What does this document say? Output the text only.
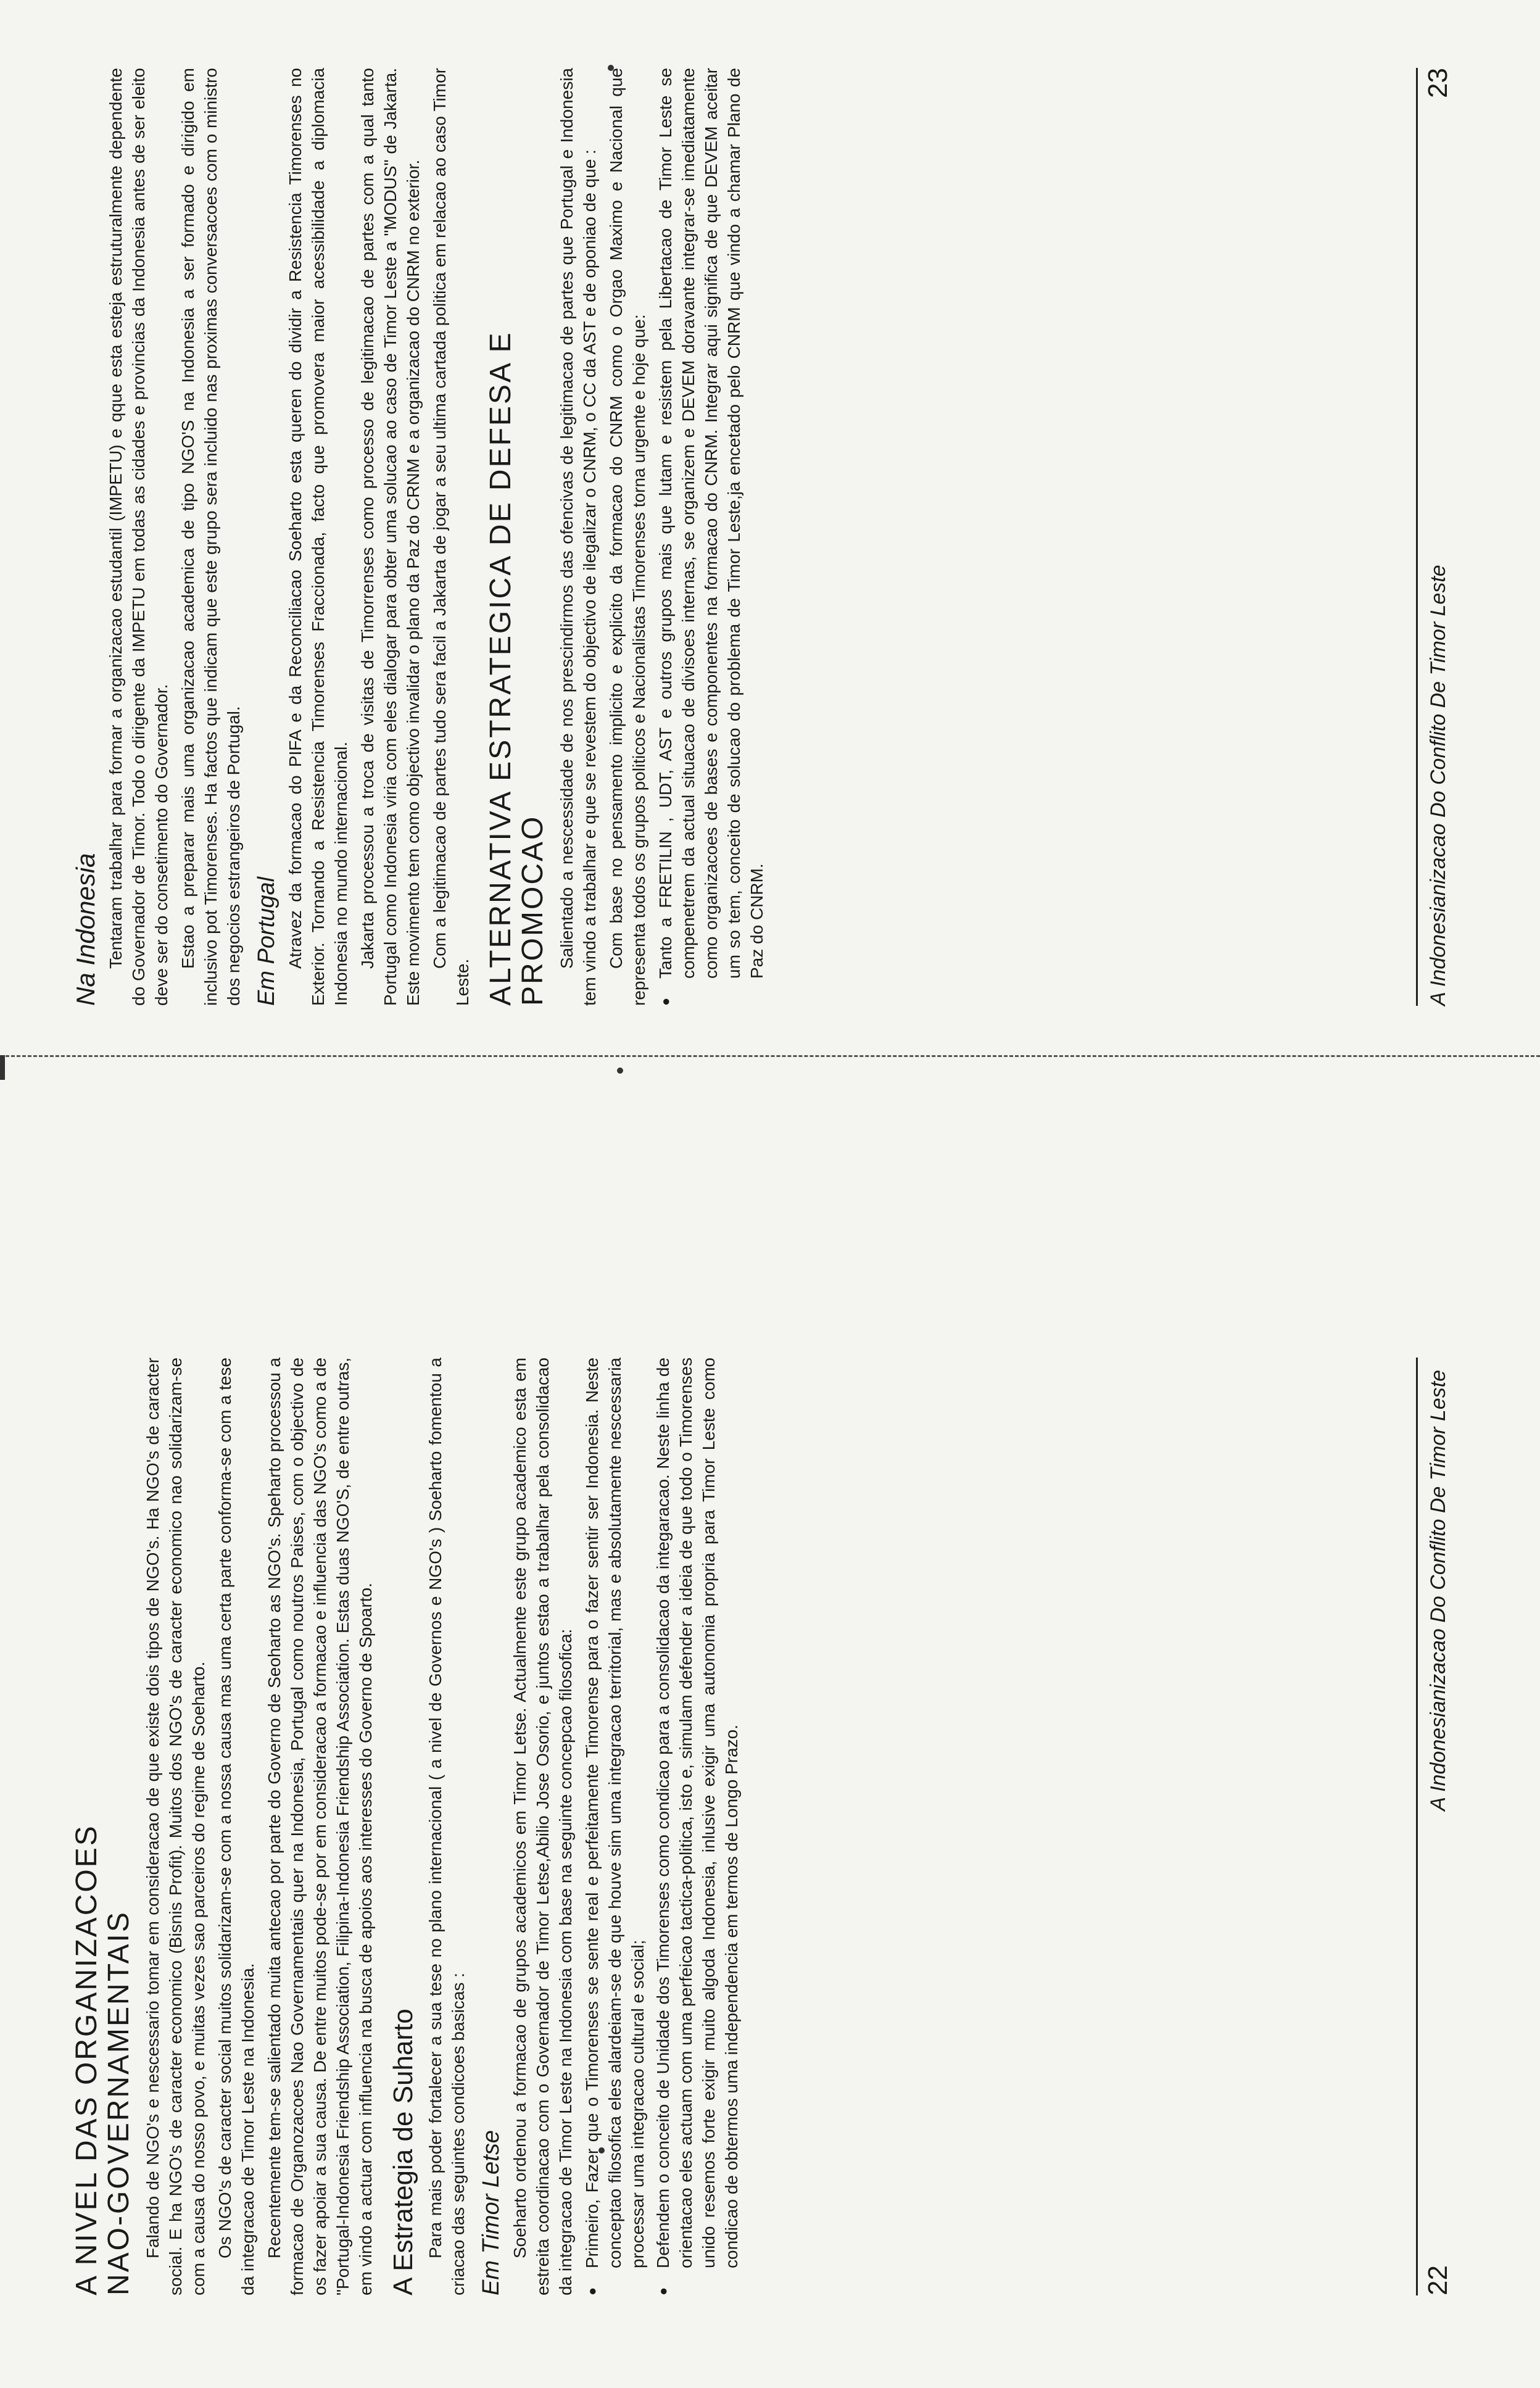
A NIVEL DAS ORGANIZACOES NAO-GOVERNAMENTAIS Falando de NGO's e nescessario tomar em consideracao de que existe dois tipos de NGO's. Ha NGO's de caracter social. E ha NGO's de caracter economico (Bisnis Profit). Muitos dos NGO's de caracter economico nao solidarizam-se com a causa do nosso povo, e muitas vezes sao parceiros do regime de Soeharto. Os NGO's de caracter social muitos solidarizam-se com a nossa causa mas uma certa parte conforma-se com a tese da integracao de Timor Leste na Indonesia. Recentemente tem-se salientado muita antecao por parte do Governo de Seoharto as NGO's. Speharto processou a formacao de Organozacoes Nao Governamentais quer na Indonesia, Portugal como noutros Paises, com o objectivo de os fazer apoiar a sua causa. De entre muitos pode-se por em consideracao a formacao e influencia das NGO's como a de "Portugal-Indonesia Friendship Association, Filipina-Indonesia Friendship Association. Estas duas NGO'S, de entre outras, em vindo a actuar com influencia na busca de apoios aos interesses do Governo de Spoarto. A Estrategia de Suharto Para mais poder fortalecer a sua tese no plano internacional ( a nivel de Governos e NGO's ) Soeharto fomentou a criacao das seguintes condicoes basicas : Em Timor Letse Soeharto ordenou a formacao de grupos academicos em Timor Letse. Actualmente este grupo academico esta em estreita coordinacao com o Governador de Timor Letse,Abilio Jose Osorio, e juntos estao a trabalhar pela consolidacao da integracao de Timor Leste na Indonesia com base na seguinte concepcao filosofica: ● Primeiro, Fazer que o Timorenses se sente real e perfeitamente Timorense para o fazer sentir ser Indonesia. Neste conceptao filosofica eles alardeiam-se de que houve sim uma integracao territorial, mas e absolutamente nescessaria processar uma integracao cultural e social; ● Defendem o conceito de Unidade dos Timorenses como condicao para a consolidacao da integaracao. Neste linha de orientacao eles actuam com uma perfeicao tactica-politica, isto e, simulam defender a ideia de que todo o Timorenses unido resemos forte exigir muito algoda Indonesia, inlusive exigir uma autonomia propria para Timor Leste como condicao de obtermos uma independencia em termos de Longo Prazo.
22
A Indonesianizacao Do Conflito De Timor Leste
Na Indonesia Tentaram trabalhar para formar a organizacao estudantil (IMPETU) e qque esta esteja estruturalmente dependente do Governador de Timor. Todo o dirigente da IMPETU em todas as cidades e provincias da Indonesia antes de ser eleito deve ser do consetimento do Governador. Estao a preparar mais uma organizacao academica de tipo NGO'S na Indonesia a ser formado e dirigido em inclusivo pot Timorenses. Ha factos que indicam que este grupo sera incluido nas proximas conversacoes com o ministro dos negocios estrangeiros de Portugal. Em Portugal Atravez da formacao do PIFA e da Reconciliacao Soeharto esta queren do dividir a Resistencia Timorenses no Exterior. Tornando a Resistencia Timorenses Fraccionada, facto que promovera maior acessibilidade a diplomacia Indonesia no mundo internacional. Jakarta processou a troca de visitas de Timorrenses como processo de legitimacao de partes com a qual tanto Portugal como Indonesia viria com eles dialogar para obter uma solucao ao caso de Timor Leste a "MODUS" de Jakarta. Este movimento tem como objectivo invalidar o plano da Paz do CRNM e a organizacao do CNRM no exterior. Com a legitimacao de partes tudo sera facil a Jakarta de jogar a seu ultima cartada politica em relacao ao caso Timor Leste. ALTERNATIVA ESTRATEGICA DE DEFESA E PROMOCAO Salientado a nescessidade de nos prescindirmos das ofencivas de legitimacao de partes que Portugal e Indonesia tem vindo a trabalhar e que se revestem do objectivo de ilegalizar o CNRM, o CC da AST e de oponiao de que : Com base no pensamento implicito e explicito da formacao do CNRM como o Orgao Maximo e Nacional que representa todos os grupos politicos e Nacionalistas Timorenses torna urgente e hoje que: ● Tanto a FRETILIN , UDT, AST e outros grupos mais que lutam e resistem pela Libertacao de Timor Leste se compenetrem da actual situacao de divisoes internas, se organizem e DEVEM doravante integrar-se imediatamente como organizacoes de bases e componentes na formacao do CNRM. Integrar aqui significa de que DEVEM aceitar um so tem, conceito de solucao do problema de Timor Leste,ja encetado pelo CNRM que vindo a chamar Plano de Paz do CNRM.	A Indonesianizacao Do Conflito De Timor Leste
23
